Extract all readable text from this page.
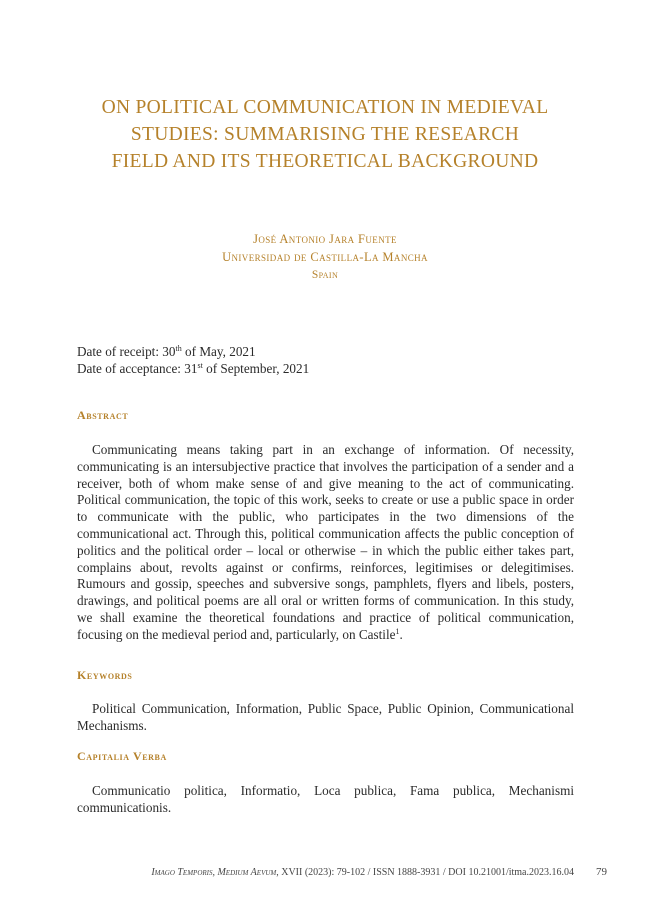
ON POLITICAL COMMUNICATION IN MEDIEVAL
STUDIES: SUMMARISING THE RESEARCH
FIELD AND ITS THEORETICAL BACKGROUND
José Antonio Jara Fuente
Universidad de Castilla-La Mancha
Spain
Date of receipt: 30th of May, 2021
Date of acceptance: 31st of September, 2021
Abstract

Communicating means taking part in an exchange of information. Of necessity, communicating is an intersubjective practice that involves the participation of a sender and a receiver, both of whom make sense of and give meaning to the act of communicating. Political communication, the topic of this work, seeks to create or use a public space in order to communicate with the public, who participates in the two dimensions of the communicational act. Through this, political communication affects the public conception of politics and the political order – local or otherwise – in which the public either takes part, complains about, revolts against or confirms, reinforces, legitimises or delegitimises. Rumours and gossip, speeches and subversive songs, pamphlets, flyers and libels, posters, drawings, and political poems are all oral or written forms of communication. In this study, we shall examine the theoretical foundations and practice of political communication, focusing on the medieval period and, particularly, on Castile$^1$.

Keywords

Political Communication, Information, Public Space, Public Opinion, Communicational Mechanisms.

Capitalia Verba

Communicatio politica, Informatio, Loca publica, Fama publica, Mechanismi communicationis.

Imago Temporis, Medium Aevum, XVII (2023): 79-102 / ISSN 1888-3931 / DOI 10.21001/itma.2023.16.04 79
